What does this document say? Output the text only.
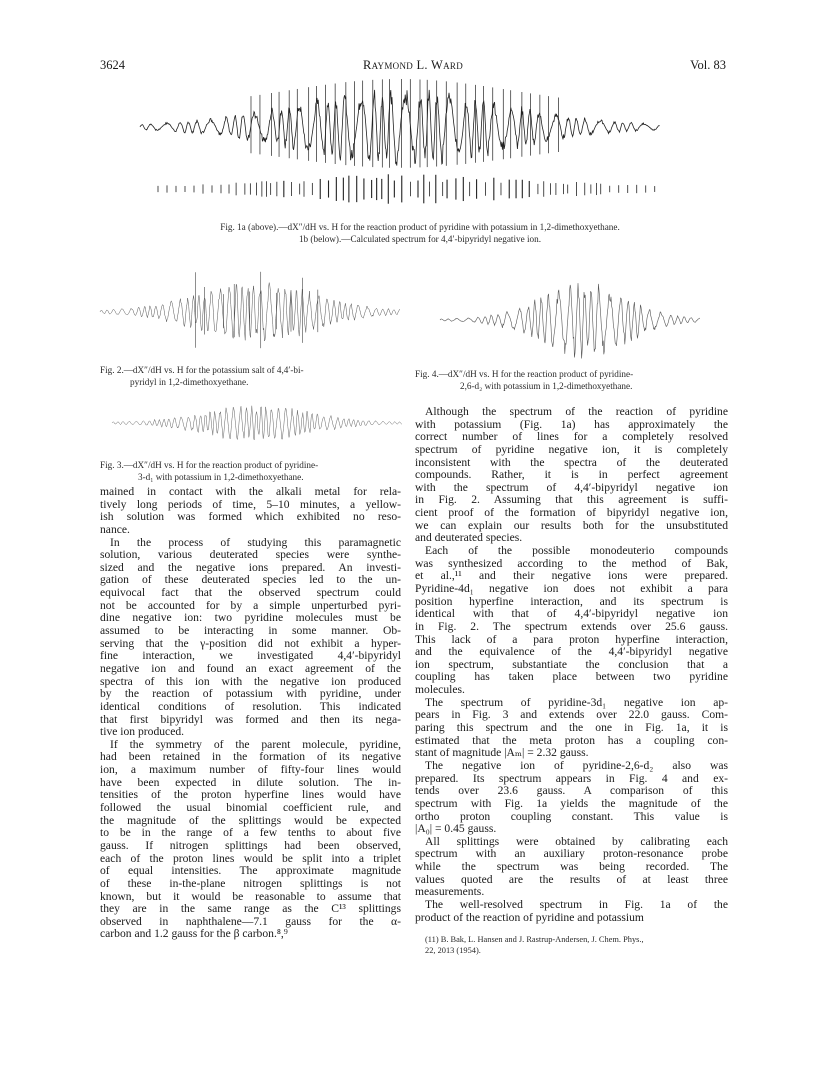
3624	Raymond L. Ward	Vol. 83
Fig. 1a (above).—dX″/dH vs. H for the reaction product of pyridine with potassium in 1,2-dimethoxyethane.
1b (below).—Calculated spectrum for 4,4′-bipyridyl negative ion.
Fig. 2.—dX″/dH vs. H for the potassium salt of 4,4′-bi-
pyridyl in 1,2-dimethoxyethane.
Fig. 4.—dX″/dH vs. H for the reaction product of pyridine-
2,6-d₂ with potassium in 1,2-dimethoxyethane.
Fig. 3.—dX″/dH vs. H for the reaction product of pyridine-
3-d₁ with potassium in 1,2-dimethoxyethane.
mained in contact with the alkali metal for rela-
tively long periods of time, 5–10 minutes, a yellow-
ish solution was formed which exhibited no reso-
nance.
In the process of studying this paramagnetic
solution, various deuterated species were synthe-
sized and the negative ions prepared. An investi-
gation of these deuterated species led to the un-
equivocal fact that the observed spectrum could
not be accounted for by a simple unperturbed pyri-
dine negative ion: two pyridine molecules must be
assumed to be interacting in some manner. Ob-
serving that the γ-position did not exhibit a hyper-
fine interaction, we investigated 4,4′-bipyridyl
negative ion and found an exact agreement of the
spectra of this ion with the negative ion produced
by the reaction of potassium with pyridine, under
identical conditions of resolution. This indicated
that first bipyridyl was formed and then its nega-
tive ion produced.
If the symmetry of the parent molecule, pyridine,
had been retained in the formation of its negative
ion, a maximum number of fifty-four lines would
have been expected in dilute solution. The in-
tensities of the proton hyperfine lines would have
followed the usual binomial coefficient rule, and
the magnitude of the splittings would be expected
to be in the range of a few tenths to about five
gauss. If nitrogen splittings had been observed,
each of the proton lines would be split into a triplet
of equal intensities. The approximate magnitude
of these in-the-plane nitrogen splittings is not
known, but it would be reasonable to assume that
they are in the same range as the C¹³ splittings
observed in naphthalene—7.1 gauss for the α-
carbon and 1.2 gauss for the β carbon.⁸,⁹
Although the spectrum of the reaction of pyridine
with potassium (Fig. 1a) has approximately the
correct number of lines for a completely resolved
spectrum of pyridine negative ion, it is completely
inconsistent with the spectra of the deuterated
compounds. Rather, it is in perfect agreement
with the spectrum of 4,4′-bipyridyl negative ion
in Fig. 2. Assuming that this agreement is suffi-
cient proof of the formation of bipyridyl negative ion,
we can explain our results both for the unsubstituted
and deuterated species.
Each of the possible monodeuterio compounds
was synthesized according to the method of Bak,
et al.,¹¹ and their negative ions were prepared.
Pyridine-4d₁ negative ion does not exhibit a para
position hyperfine interaction, and its spectrum is
identical with that of 4,4′-bipyridyl negative ion
in Fig. 2. The spectrum extends over 25.6 gauss.
This lack of a para proton hyperfine interaction,
and the equivalence of the 4,4′-bipyridyl negative
ion spectrum, substantiate the conclusion that a
coupling has taken place between two pyridine
molecules.
The spectrum of pyridine-3d₁ negative ion ap-
pears in Fig. 3 and extends over 22.0 gauss. Com-
paring this spectrum and the one in Fig. 1a, it is
estimated that the meta proton has a coupling con-
stant of magnitude |Aₘ| = 2.32 gauss.
The negative ion of pyridine-2,6-d₂ also was
prepared. Its spectrum appears in Fig. 4 and ex-
tends over 23.6 gauss. A comparison of this
spectrum with Fig. 1a yields the magnitude of the
ortho proton coupling constant. This value is
|A₀| = 0.45 gauss.
All splittings were obtained by calibrating each
spectrum with an auxiliary proton-resonance probe
while the spectrum was being recorded. The
values quoted are the results of at least three
measurements.
The well-resolved spectrum in Fig. 1a of the
product of the reaction of pyridine and potassium
(11) B. Bak, L. Hansen and J. Rastrup-Andersen, J. Chem. Phys.,
22, 2013 (1954).
